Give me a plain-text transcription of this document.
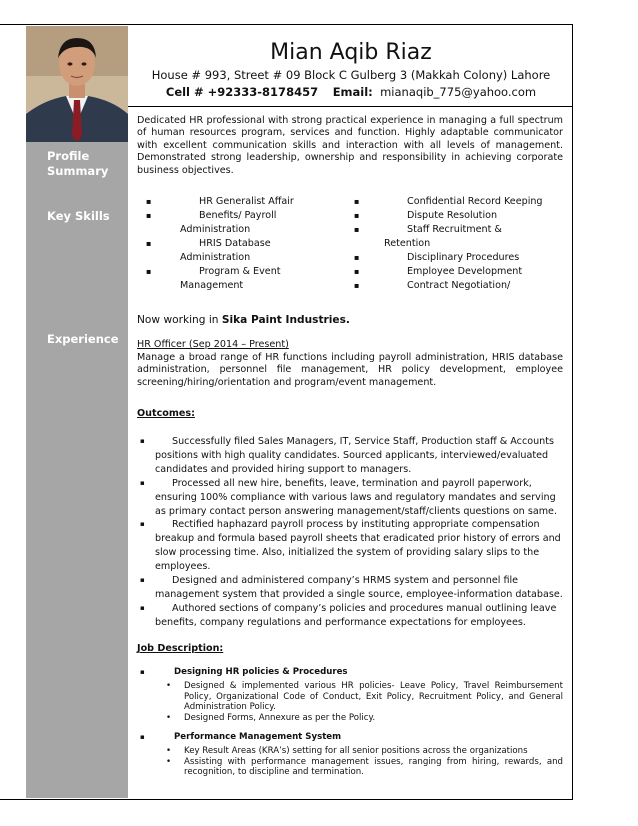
Profile
Summary
Key Skills
Experience
Mian Aqib Riaz
House # 993, Street # 09 Block C Gulberg 3 (Makkah Colony) Lahore
Cell # +92333-8178457 Email: mianaqib_775@yahoo.com
Dedicated HR professional with strong practical experience in managing a full spectrum of human resources program, services and function. Highly adaptable communicator with excellent communication skills and interaction with all levels of management. Demonstrated strong leadership, ownership and responsibility in achieving corporate business objectives.
▪	HR Generalist Affair
▪	Benefits/ Payroll
Administration
▪	HRIS Database
Administration
▪	Program & Event
Management
▪	Confidential Record Keeping
▪	Dispute Resolution
▪	Staff Recruitment &
Retention
▪	Disciplinary Procedures
▪	Employee Development
▪	Contract Negotiation/
Now working in Sika Paint Industries.
HR Officer (Sep 2014 – Present)
Manage a broad range of HR functions including payroll administration, HRIS database administration, personnel file management, HR policy development, employee screening/hiring/orientation and program/event management.
Outcomes:
▪	Successfully filed Sales Managers, IT, Service Staff, Production staff & Accounts positions with high quality candidates. Sourced applicants, interviewed/evaluated candidates and provided hiring support to managers.
▪	Processed all new hire, benefits, leave, termination and payroll paperwork, ensuring 100% compliance with various laws and regulatory mandates and serving as primary contact person answering management/staff/clients questions on same.
▪	Rectified haphazard payroll process by instituting appropriate compensation breakup and formula based payroll sheets that eradicated prior history of errors and slow processing time. Also, initialized the system of providing salary slips to the employees.
▪	Designed and administered company’s HRMS system and personnel file management system that provided a single source, employee-information database.
▪	Authored sections of company’s policies and procedures manual outlining leave benefits, company regulations and performance expectations for employees.
Job Description:
▪	Designing HR policies & Procedures
• Designed & implemented various HR policies- Leave Policy, Travel Reimbursement Policy, Organizational Code of Conduct, Exit Policy, Recruitment Policy, and General Administration Policy.
• Designed Forms, Annexure as per the Policy.
▪	Performance Management System
• Key Result Areas (KRA’s) setting for all senior positions across the organizations
• Assisting with performance management issues, ranging from hiring, rewards, and recognition, to discipline and termination.
